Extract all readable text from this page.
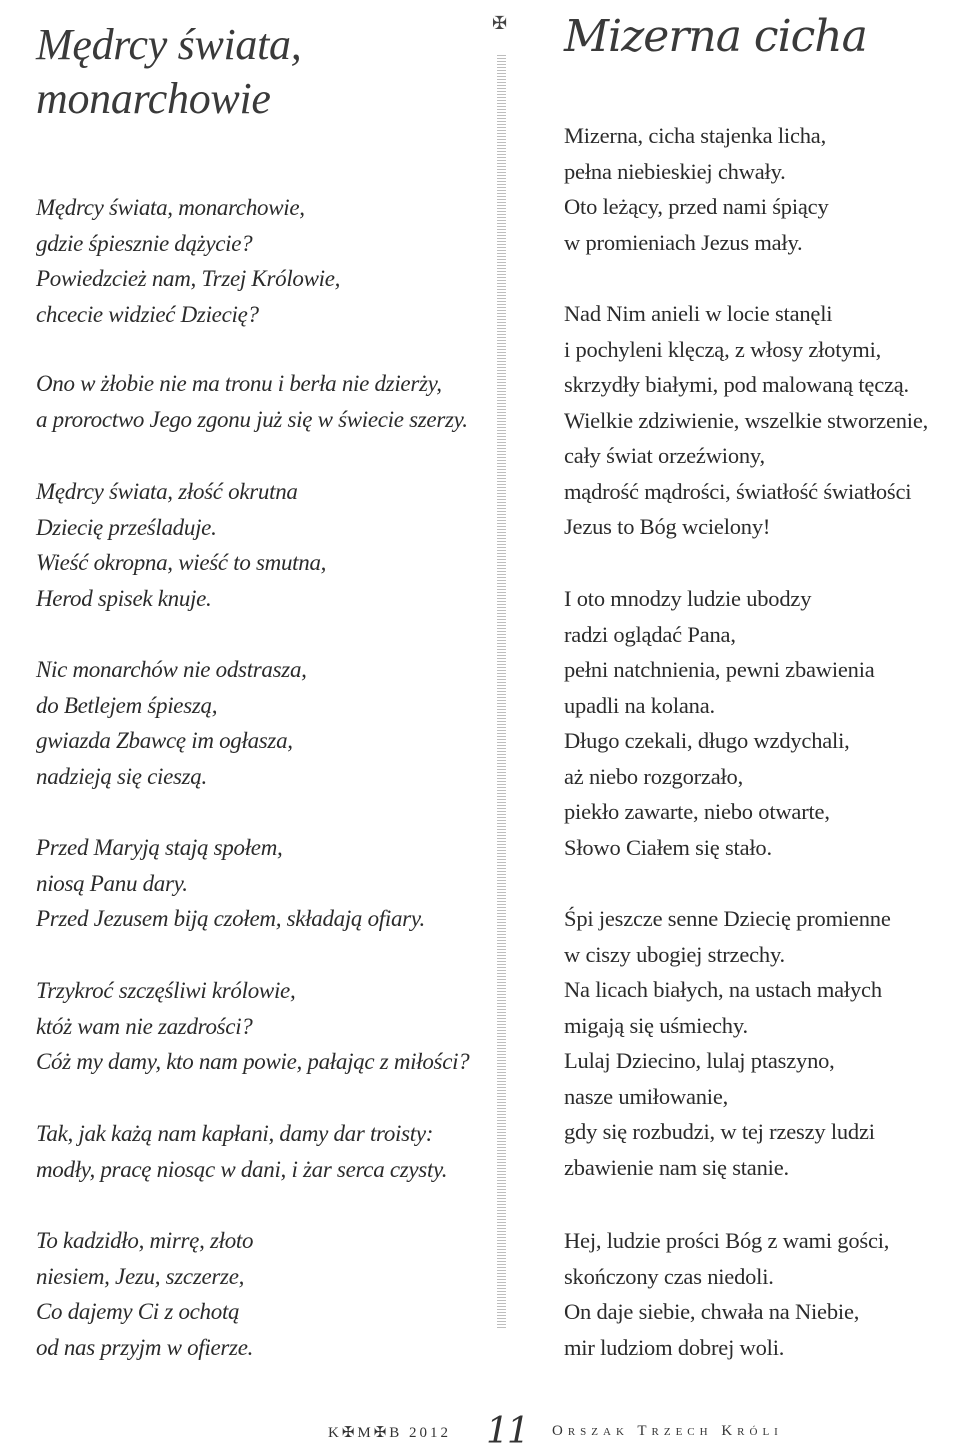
Mędrcy świata,
monarchowie
Mędrcy świata, monarchowie,
gdzie śpiesznie dążycie?
Powiedzcież nam, Trzej Królowie,
chcecie widzieć Dziecię?
Ono w żłobie nie ma tronu i berła nie dzierży,
a proroctwo Jego zgonu już się w świecie szerzy.
Mędrcy świata, złość okrutna
Dziecię prześladuje.
Wieść okropna, wieść to smutna,
Herod spisek knuje.
Nic monarchów nie odstrasza,
do Betlejem śpieszą,
gwiazda Zbawcę im ogłasza,
nadzieją się cieszą.
Przed Maryją stają społem,
niosą Panu dary.
Przed Jezusem biją czołem, składają ofiary.
Trzykroć szczęśliwi królowie,
któż wam nie zazdrości?
Cóż my damy, kto nam powie, pałając z miłości?
Tak, jak każą nam kapłani, damy dar troisty:
modły, pracę niosąc w dani, i żar serca czysty.
To kadzidło, mirrę, złoto
niesiem, Jezu, szczerze,
Co dajemy Ci z ochotą
od nas przyjm w ofierze.
✠ Mizerna cicha
Mizerna, cicha stajenka licha,
pełna niebieskiej chwały.
Oto leżący, przed nami śpiący
w promieniach Jezus mały.
Nad Nim anieli w locie stanęli
i pochyleni klęczą, z włosy złotymi,
skrzydły białymi, pod malowaną tęczą.
Wielkie zdziwienie, wszelkie stworzenie,
cały świat orzeźwiony,
mądrość mądrości, światłość światłości
Jezus to Bóg wcielony!
I oto mnodzy ludzie ubodzy
radzi oglądać Pana,
pełni natchnienia, pewni zbawienia
upadli na kolana.
Długo czekali, długo wzdychali,
aż niebo rozgorzało,
piekło zawarte, niebo otwarte,
Słowo Ciałem się stało.
Śpi jeszcze senne Dziecię promienne
w ciszy ubogiej strzechy.
Na licach białych, na ustach małych
migają się uśmiechy.
Lulaj Dziecino, lulaj ptaszyno,
nasze umiłowanie,
gdy się rozbudzi, w tej rzeszy ludzi
zbawienie nam się stanie.
Hej, ludzie prości Bóg z wami gości,
skończony czas niedoli.
On daje siebie, chwała na Niebie,
mir ludziom dobrej woli.
K✠M✠B 2012 11 Orszak Trzech Króli
